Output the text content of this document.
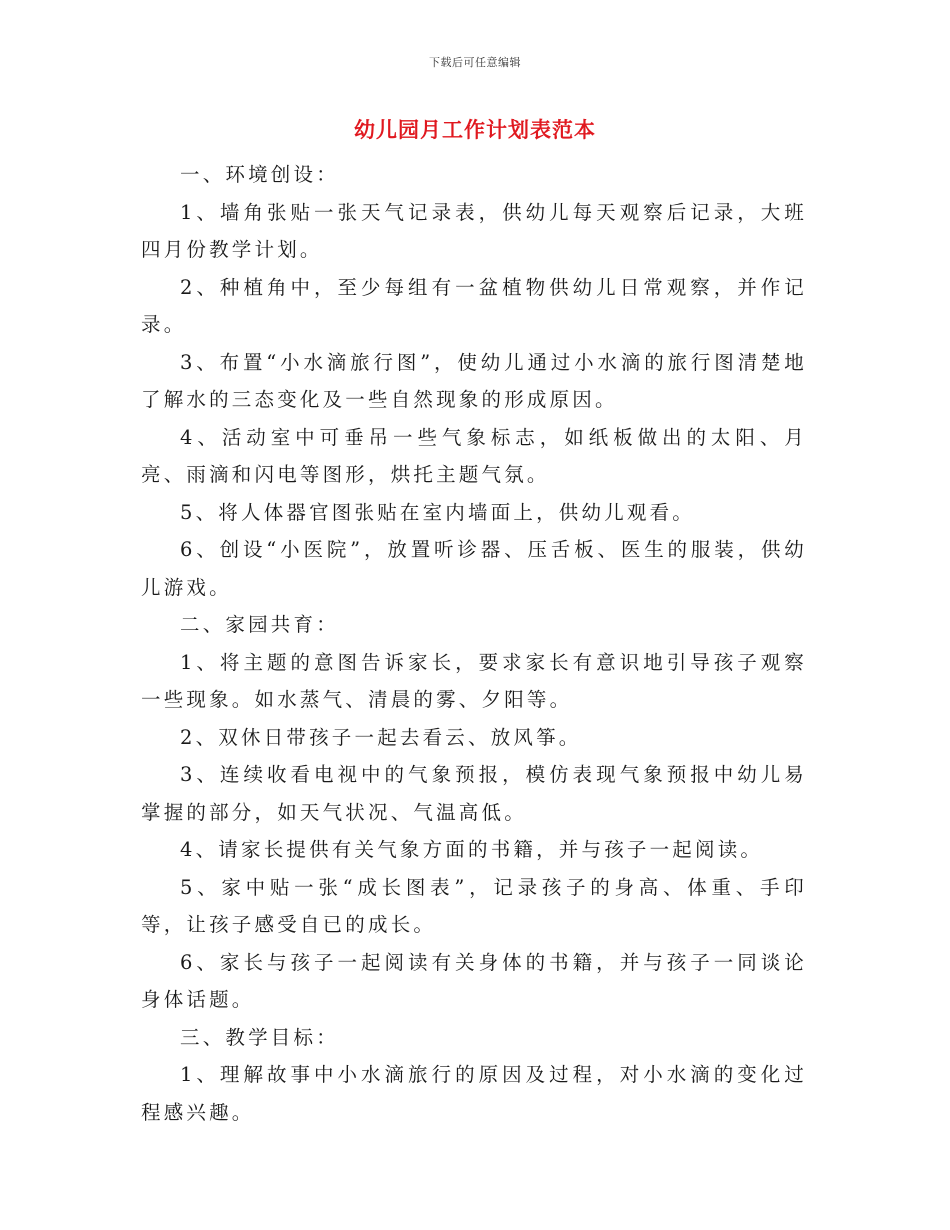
下载后可任意编辑
幼儿园月工作计划表范本

一、环境创设：

1、墙角张贴一张天气记录表，供幼儿每天观察后记录，大班四月份教学计划。

2、种植角中，至少每组有一盆植物供幼儿日常观察，并作记录。

3、布置“小水滴旅行图”，使幼儿通过小水滴的旅行图清楚地了解水的三态变化及一些自然现象的形成原因。

4、活动室中可垂吊一些气象标志，如纸板做出的太阳、月亮、雨滴和闪电等图形，烘托主题气氛。

5、将人体器官图张贴在室内墙面上，供幼儿观看。

6、创设“小医院”，放置听诊器、压舌板、医生的服装，供幼儿游戏。

二、家园共育：

1、将主题的意图告诉家长，要求家长有意识地引导孩子观察一些现象。如水蒸气、清晨的雾、夕阳等。

2、双休日带孩子一起去看云、放风筝。

3、连续收看电视中的气象预报，模仿表现气象预报中幼儿易掌握的部分，如天气状况、气温高低。

4、请家长提供有关气象方面的书籍，并与孩子一起阅读。

5、家中贴一张“成长图表”，记录孩子的身高、体重、手印等，让孩子感受自已的成长。

6、家长与孩子一起阅读有关身体的书籍，并与孩子一同谈论身体话题。

三、教学目标：

1、理解故事中小水滴旅行的原因及过程，对小水滴的变化过程感兴趣。
